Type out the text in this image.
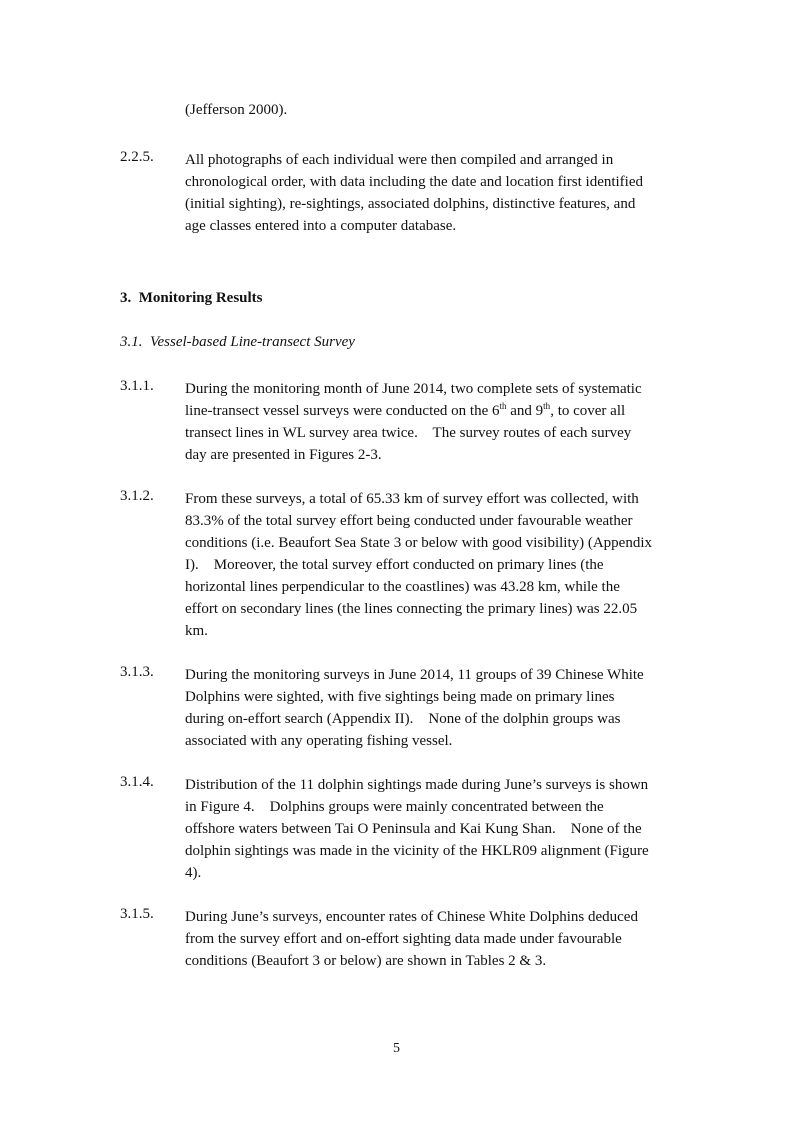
(Jefferson 2000).
2.2.5. All photographs of each individual were then compiled and arranged in
chronological order, with data including the date and location first identified
(initial sighting), re-sightings, associated dolphins, distinctive features, and
age classes entered into a computer database.
3. Monitoring Results
3.1. Vessel-based Line-transect Survey
3.1.1. During the monitoring month of June 2014, two complete sets of systematic
line-transect vessel surveys were conducted on the 6th and 9th, to cover all
transect lines in WL survey area twice.    The survey routes of each survey
day are presented in Figures 2-3.
3.1.2. From these surveys, a total of 65.33 km of survey effort was collected, with
83.3% of the total survey effort being conducted under favourable weather
conditions (i.e. Beaufort Sea State 3 or below with good visibility) (Appendix
I).    Moreover, the total survey effort conducted on primary lines (the
horizontal lines perpendicular to the coastlines) was 43.28 km, while the
effort on secondary lines (the lines connecting the primary lines) was 22.05
km.
3.1.3. During the monitoring surveys in June 2014, 11 groups of 39 Chinese White
Dolphins were sighted, with five sightings being made on primary lines
during on-effort search (Appendix II).    None of the dolphin groups was
associated with any operating fishing vessel.
3.1.4. Distribution of the 11 dolphin sightings made during June’s surveys is shown
in Figure 4.    Dolphins groups were mainly concentrated between the
offshore waters between Tai O Peninsula and Kai Kung Shan.    None of the
dolphin sightings was made in the vicinity of the HKLR09 alignment (Figure
4).
3.1.5. During June’s surveys, encounter rates of Chinese White Dolphins deduced
from the survey effort and on-effort sighting data made under favourable
conditions (Beaufort 3 or below) are shown in Tables 2 & 3.
5
